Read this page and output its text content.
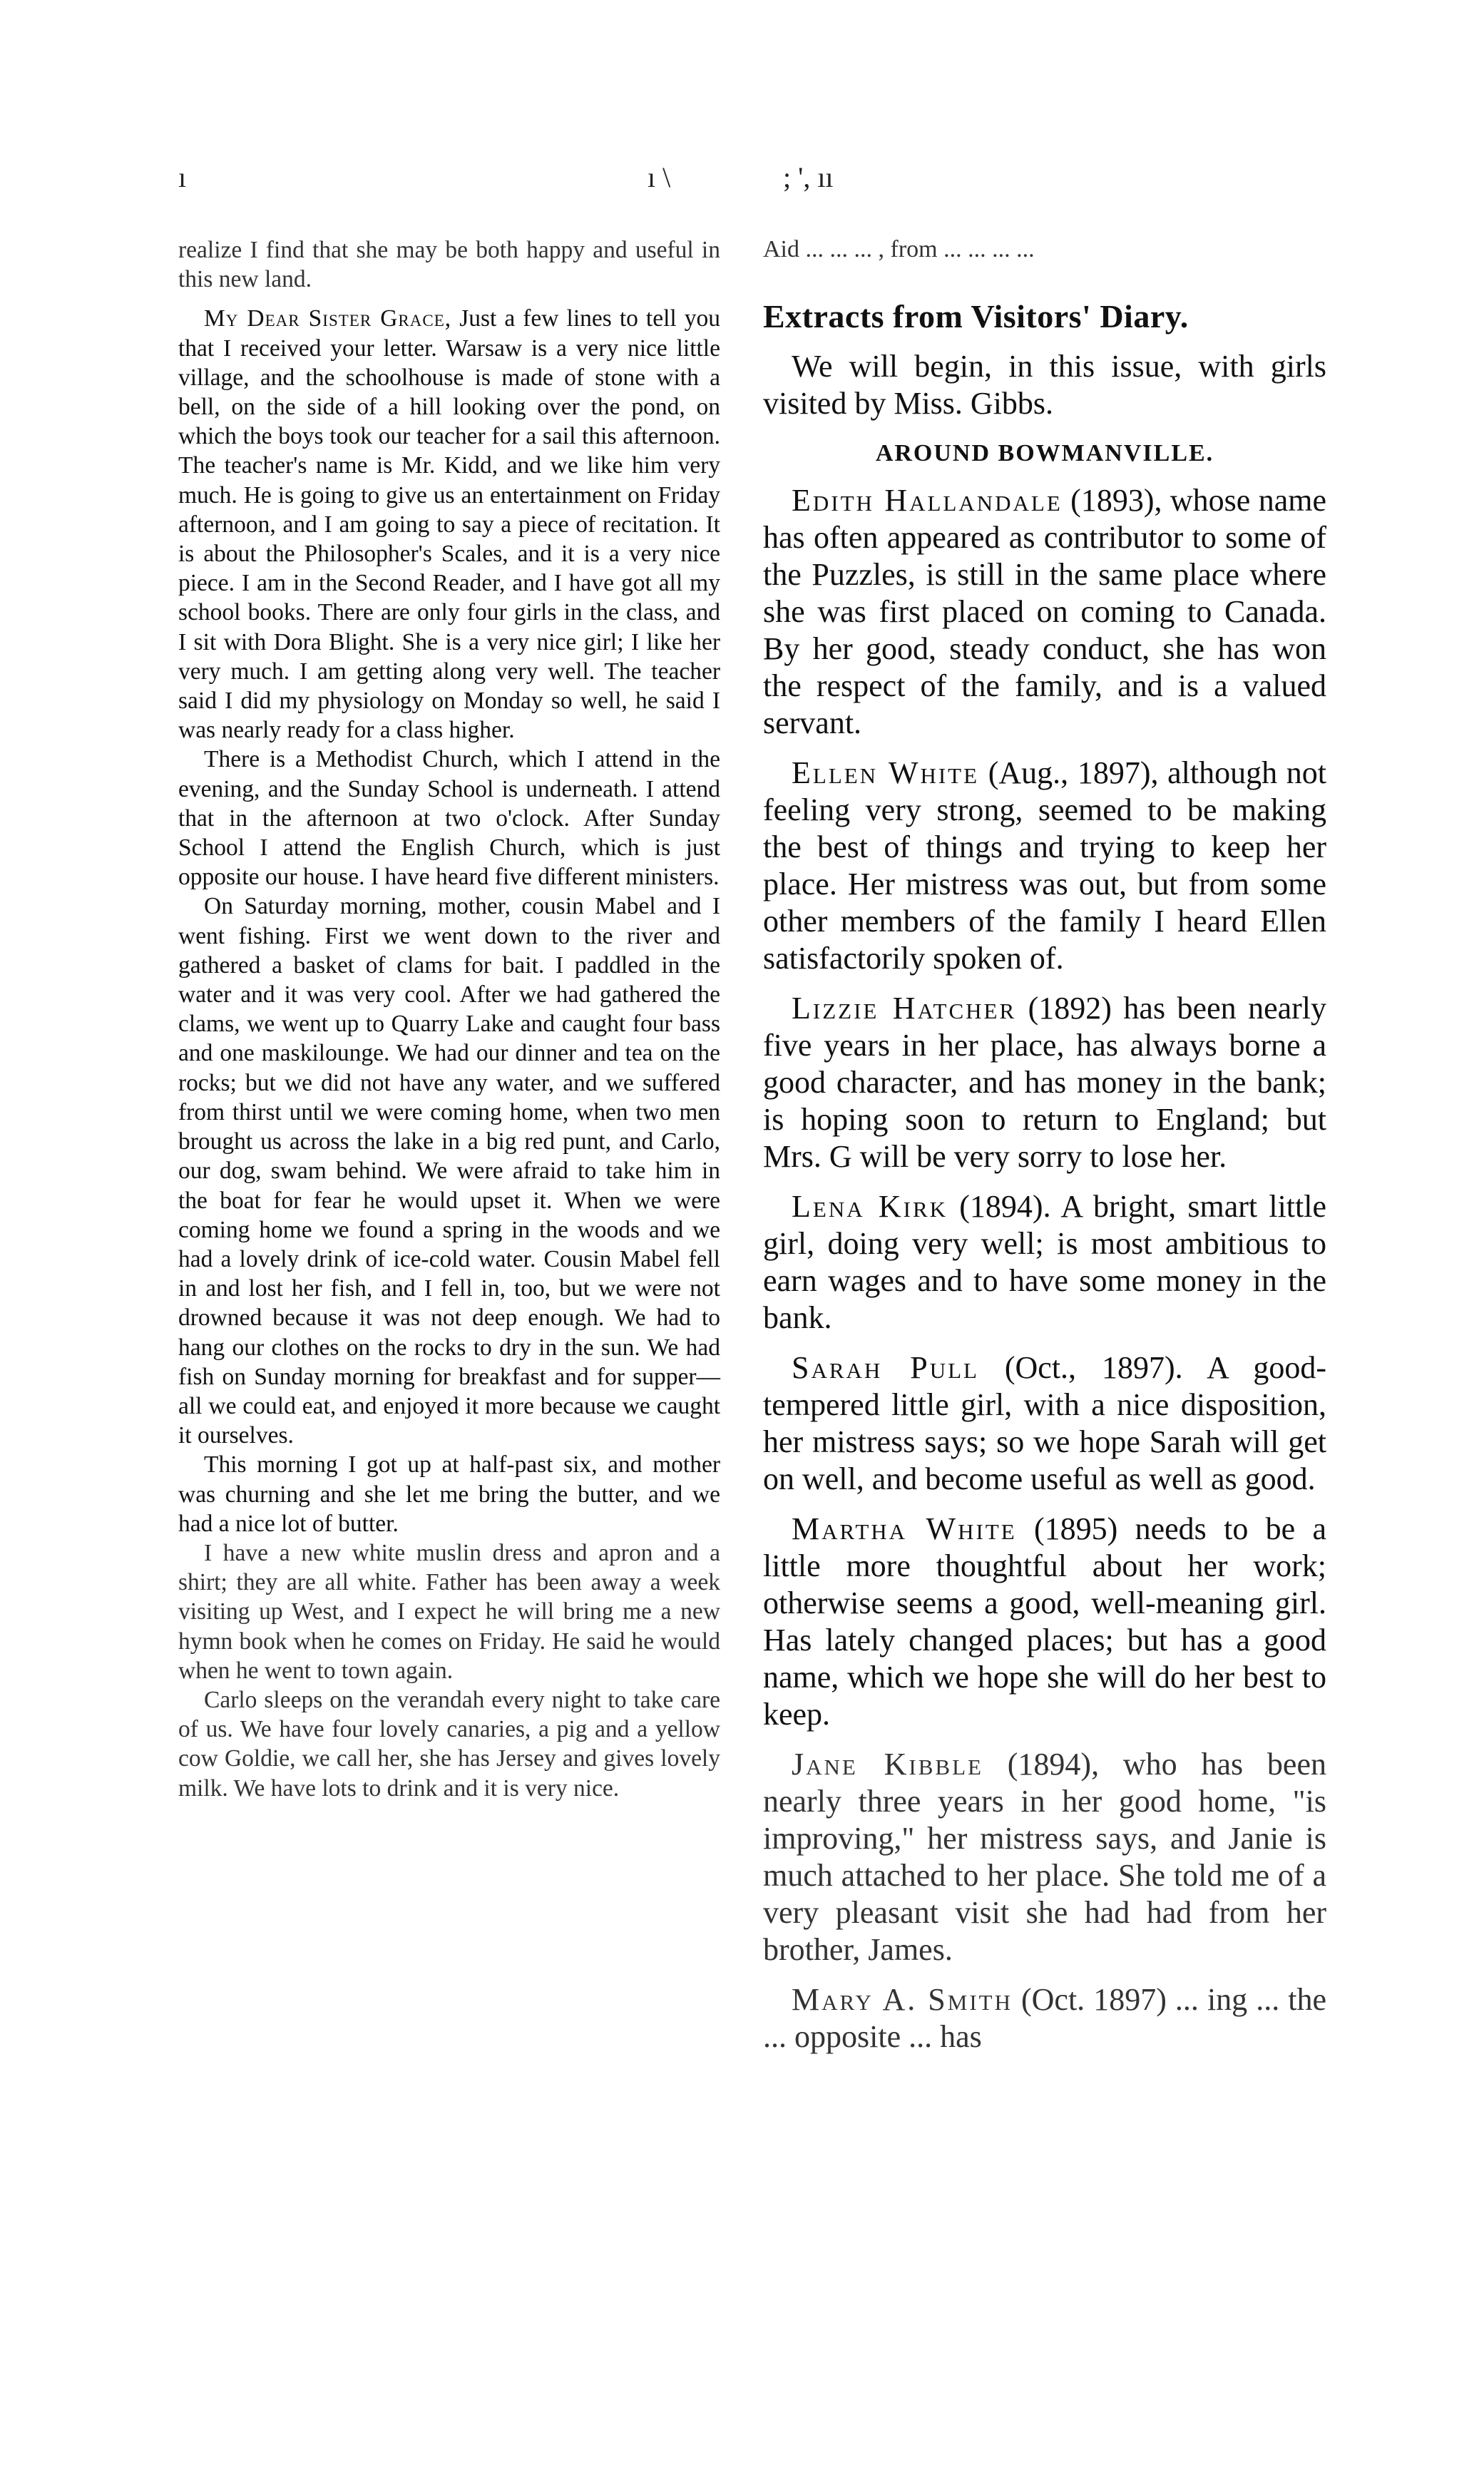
ı	ı \	; ', ıı

realize I find that she may be both happy and useful in this new land.

My Dear Sister Grace, Just a few lines to tell you that I received your letter. Warsaw is a very nice little village, and the schoolhouse is made of stone with a bell, on the side of a hill looking over the pond, on which the boys took our teacher for a sail this afternoon. The teacher's name is Mr. Kidd, and we like him very much. He is going to give us an entertainment on Friday afternoon, and I am going to say a piece of recitation. It is about the Philosopher's Scales, and it is a very nice piece. I am in the Second Reader, and I have got all my school books. There are only four girls in the class, and I sit with Dora Blight. She is a very nice girl; I like her very much. I am getting along very well. The teacher said I did my physiology on Monday so well, he said I was nearly ready for a class higher.

There is a Methodist Church, which I attend in the evening, and the Sunday School is underneath. I attend that in the afternoon at two o'clock. After Sunday School I attend the English Church, which is just opposite our house. I have heard five different ministers.

On Saturday morning, mother, cousin Mabel and I went fishing. First we went down to the river and gathered a basket of clams for bait. I paddled in the water and it was very cool. After we had gathered the clams, we went up to Quarry Lake and caught four bass and one maskilounge. We had our dinner and tea on the rocks; but we did not have any water, and we suffered from thirst until we were coming home, when two men brought us across the lake in a big red punt, and Carlo, our dog, swam behind. We were afraid to take him in the boat for fear he would upset it. When we were coming home we found a spring in the woods and we had a lovely drink of ice-cold water. Cousin Mabel fell in and lost her fish, and I fell in, too, but we were not drowned because it was not deep enough. We had to hang our clothes on the rocks to dry in the sun. We had fish on Sunday morning for breakfast and for supper—all we could eat, and enjoyed it more because we caught it ourselves.

This morning I got up at half-past six, and mother was churning and she let me bring the butter, and we had a nice lot of butter.

I have a new white muslin dress and apron and a shirt; they are all white. Father has been away a week visiting up West, and I expect he will bring me a new hymn book when he comes on Friday. He said he would when he went to town again.

Carlo sleeps on the verandah every night to take care of us. We have four lovely canaries, a pig and a yellow cow Goldie, we call her, she has Jersey and gives lovely milk. We have lots to drink and it is very nice.

Aid ... ... ... , from ... ... ... ...

Extracts from Visitors' Diary.

We will begin, in this issue, with girls visited by Miss. Gibbs.

AROUND BOWMANVILLE.

Edith Hallandale (1893), whose name has often appeared as contributor to some of the Puzzles, is still in the same place where she was first placed on coming to Canada. By her good, steady conduct, she has won the respect of the family, and is a valued servant.

Ellen White (Aug., 1897), although not feeling very strong, seemed to be making the best of things and trying to keep her place. Her mistress was out, but from some other members of the family I heard Ellen satisfactorily spoken of.

Lizzie Hatcher (1892) has been nearly five years in her place, has always borne a good character, and has money in the bank; is hoping soon to return to England; but Mrs. G will be very sorry to lose her.

Lena Kirk (1894). A bright, smart little girl, doing very well; is most ambitious to earn wages and to have some money in the bank.

Sarah Pull (Oct., 1897). A good-tempered little girl, with a nice disposition, her mistress says; so we hope Sarah will get on well, and become useful as well as good.

Martha White (1895) needs to be a little more thoughtful about her work; otherwise seems a good, well-meaning girl. Has lately changed places; but has a good name, which we hope she will do her best to keep.

Jane Kibble (1894), who has been nearly three years in her good home, "is improving," her mistress says, and Janie is much attached to her place. She told me of a very pleasant visit she had had from her brother, James.

Mary A. Smith (Oct. 1897) ... ing ... the ... opposite ... has
